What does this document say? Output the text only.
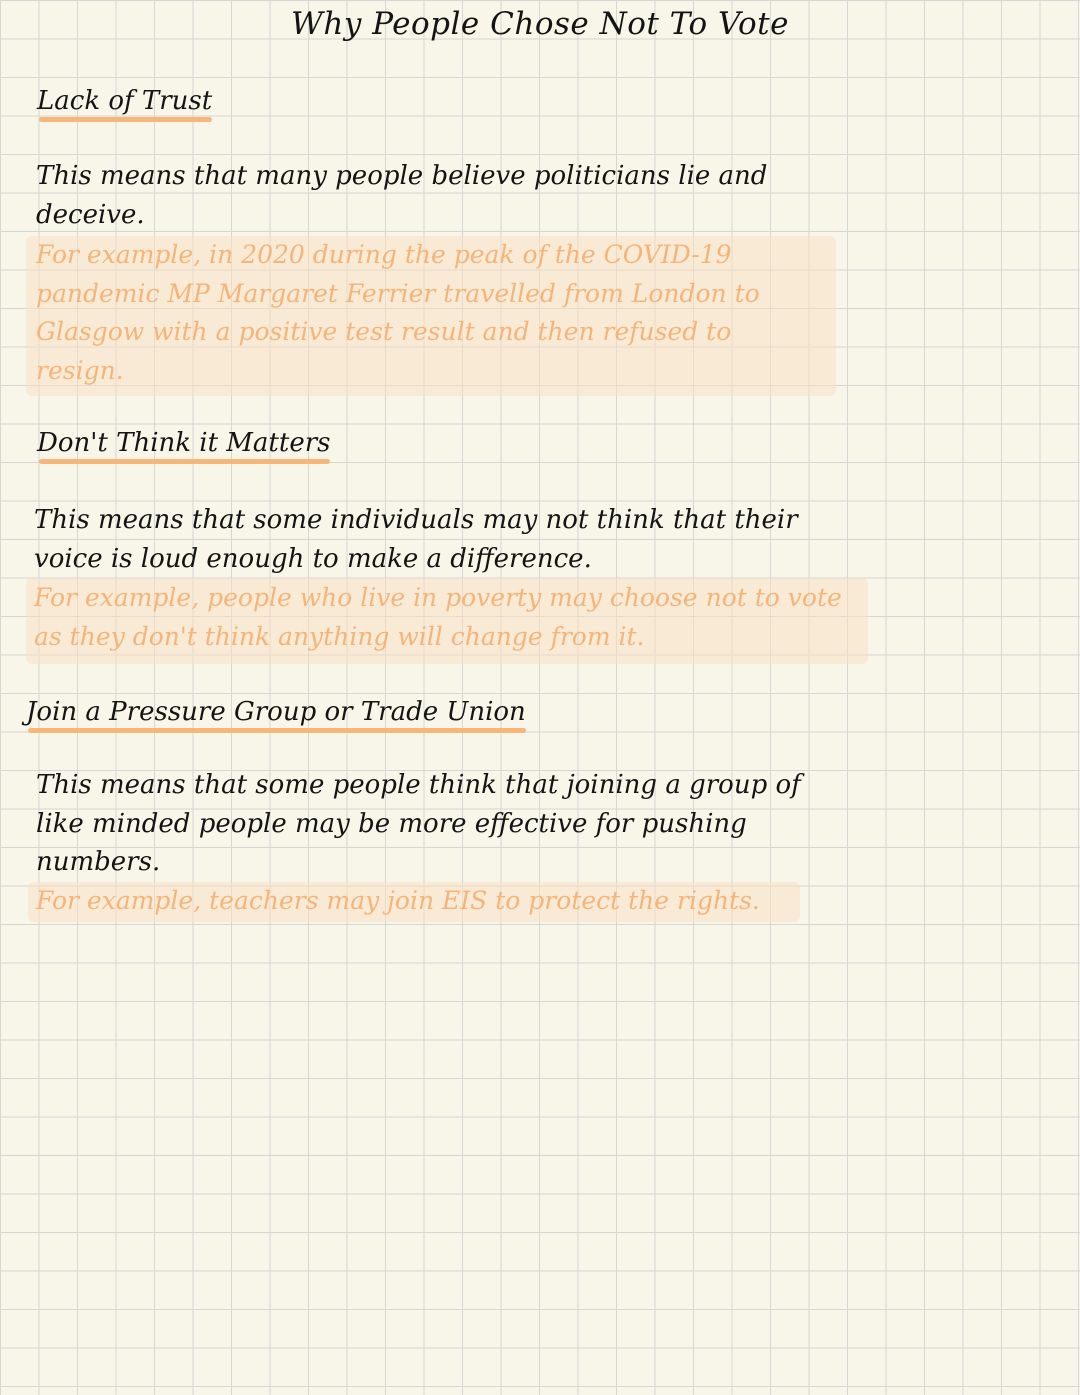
Why People Chose Not To Vote
Lack of Trust
This means that many people believe politicians lie and deceive.
For example, in 2020 during the peak of the COVID-19 pandemic MP Margaret Ferrier travelled from London to Glasgow with a positive test result and then refused to resign.
Don't Think it Matters
This means that some individuals may not think that their voice is loud enough to make a difference.
For example, people who live in poverty may choose not to vote as they don't think anything will change from it.
Join a Pressure Group or Trade Union
This means that some people think that joining a group of like minded people may be more effective for pushing numbers.
For example, teachers may join EIS to protect the rights.
